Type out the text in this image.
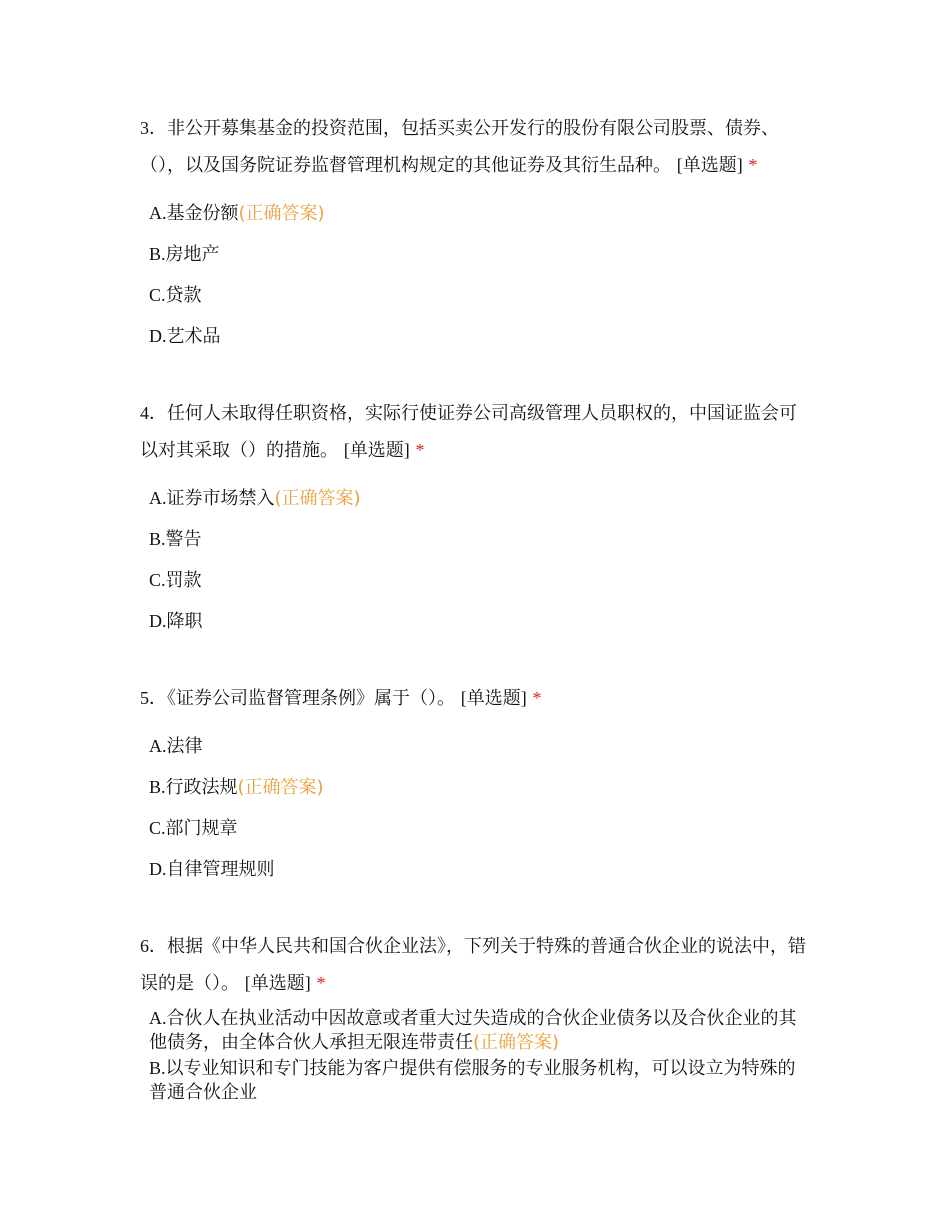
3．非公开募集基金的投资范围，包括买卖公开发行的股份有限公司股票、债券、（），以及国务院证券监督管理机构规定的其他证券及其衍生品种。 [单选题] *

A.基金份额(正确答案)
B.房地产
C.贷款
D.艺术品

4．任何人未取得任职资格，实际行使证券公司高级管理人员职权的，中国证监会可以对其采取（）的措施。 [单选题] *

A.证券市场禁入(正确答案)
B.警告
C.罚款
D.降职

5．《证券公司监督管理条例》属于（）。 [单选题] *

A.法律
B.行政法规(正确答案)
C.部门规章
D.自律管理规则

6．根据《中华人民共和国合伙企业法》，下列关于特殊的普通合伙企业的说法中，错误的是（）。 [单选题] *

A.合伙人在执业活动中因故意或者重大过失造成的合伙企业债务以及合伙企业的其他债务，由全体合伙人承担无限连带责任(正确答案)
B.以专业知识和专门技能为客户提供有偿服务的专业服务机构，可以设立为特殊的普通合伙企业
